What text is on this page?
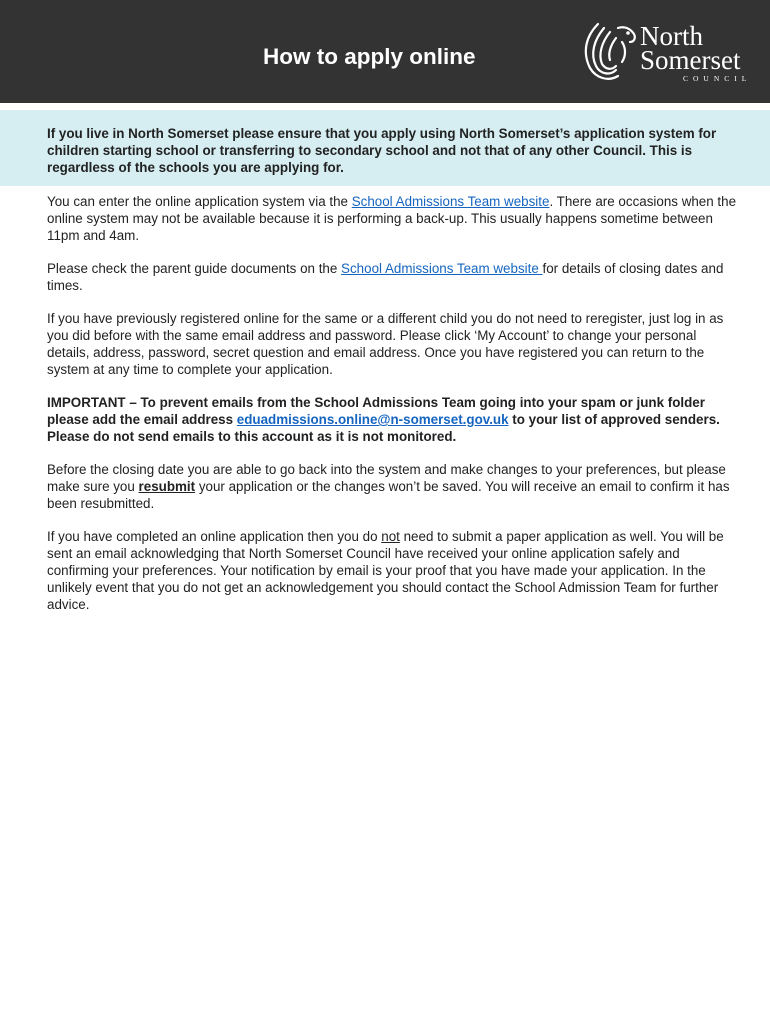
How to apply online
North
Somerset
COUNCIL

If you live in North Somerset please ensure that you apply using North Somerset’s application system for children starting school or transferring to secondary school and not that of any other Council. This is regardless of the schools you are applying for.

You can enter the online application system via the School Admissions Team website. There are occasions when the online system may not be available because it is performing a back-up. This usually happens sometime between 11pm and 4am.

Please check the parent guide documents on the School Admissions Team website for details of closing dates and times.

If you have previously registered online for the same or a different child you do not need to reregister, just log in as you did before with the same email address and password. Please click ‘My Account’ to change your personal details, address, password, secret question and email address. Once you have registered you can return to the system at any time to complete your application.

IMPORTANT – To prevent emails from the School Admissions Team going into your spam or junk folder please add the email address eduadmissions.online@n-somerset.gov.uk to your list of approved senders. Please do not send emails to this account as it is not monitored.

Before the closing date you are able to go back into the system and make changes to your preferences, but please make sure you resubmit your application or the changes won’t be saved. You will receive an email to confirm it has been resubmitted.

If you have completed an online application then you do not need to submit a paper application as well. You will be sent an email acknowledging that North Somerset Council have received your online application safely and confirming your preferences. Your notification by email is your proof that you have made your application. In the unlikely event that you do not get an acknowledgement you should contact the School Admission Team for further advice.
